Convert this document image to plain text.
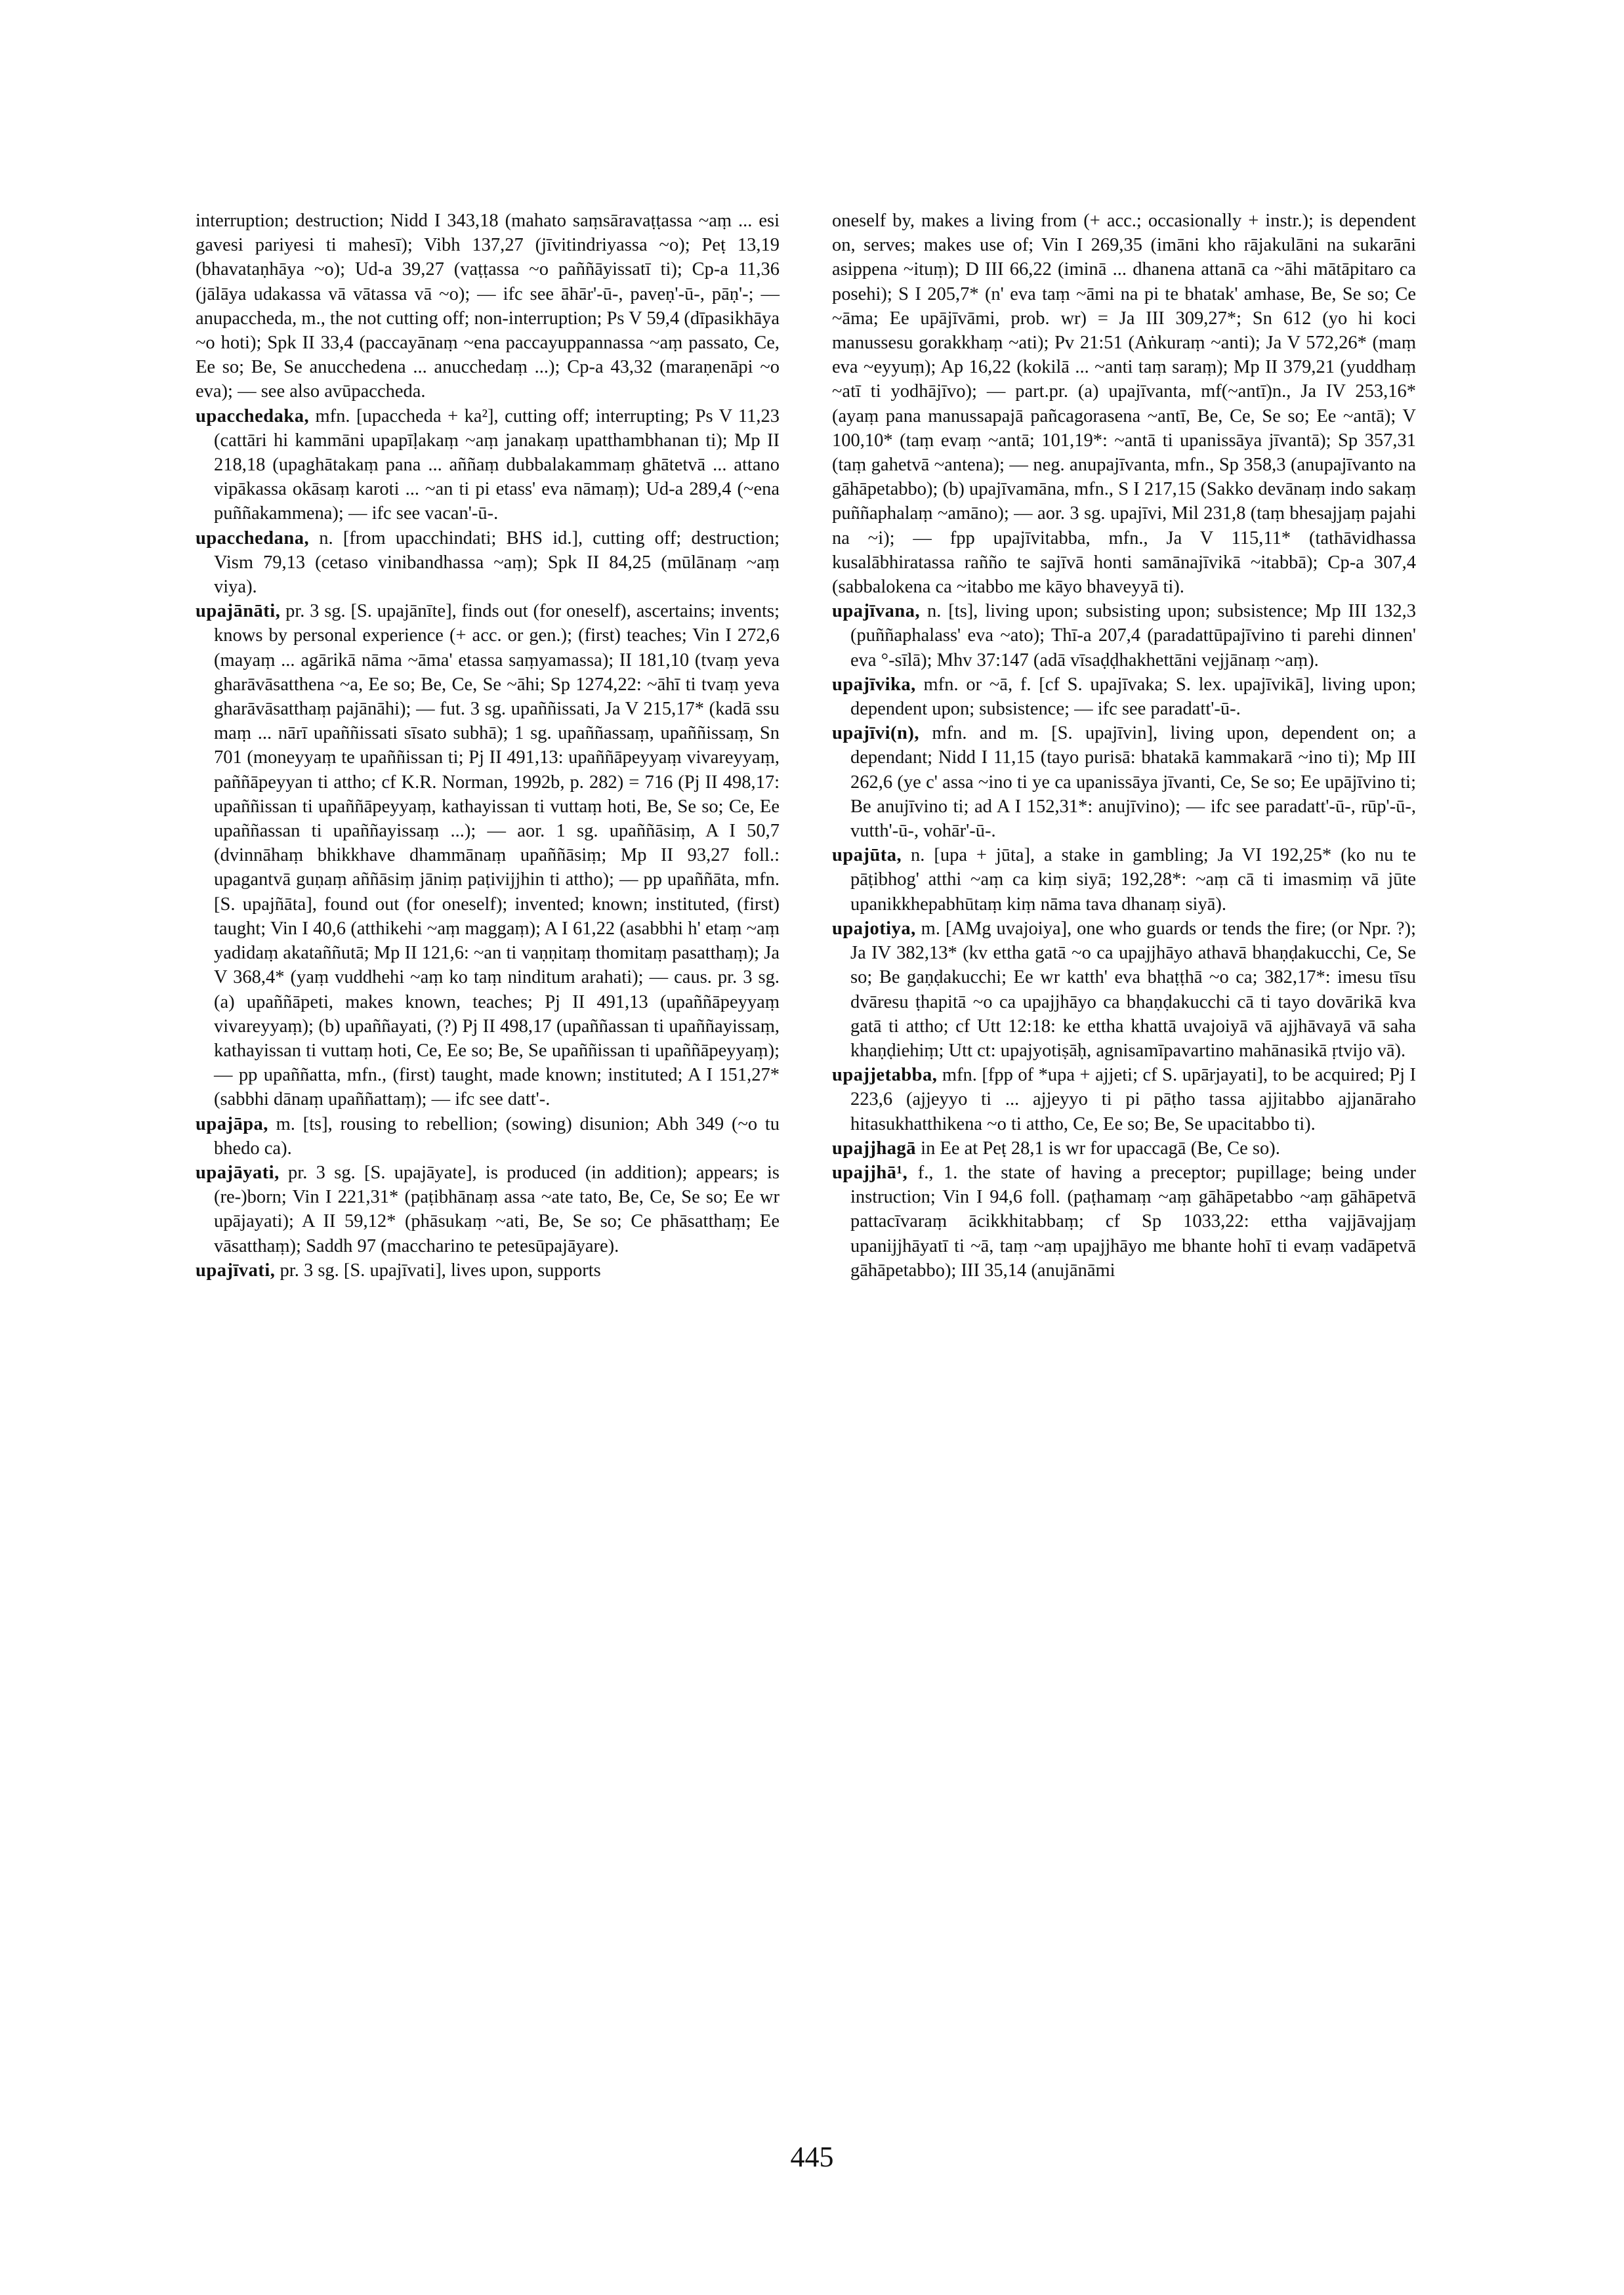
interruption; destruction; Nidd I 343,18 (mahato saṃsāravaṭṭassa ~aṃ ... esi gavesi pariyesi ti mahesī); Vibh 137,27 (jīvitindriyassa ~o); Peṭ 13,19 (bhavataṇhāya ~o); Ud-a 39,27 (vaṭṭassa ~o paññāyissatī ti); Cp-a 11,36 (jālāya udakassa vā vātassa vā ~o); — ifc see āhār'-ū-, paveṇ'-ū-, pāṇ'-; — anupaccheda, m., the not cutting off; non-interruption; Ps V 59,4 (dīpasikhāya ~o hoti); Spk II 33,4 (paccayānaṃ ~ena paccayuppannassa ~aṃ passato, Ce, Ee so; Be, Se anucchedena ... anucchedaṃ ...); Cp-a 43,32 (maraṇenāpi ~o eva); — see also avūpaccheda.

upacchedaka, mfn. [upaccheda + ka²], cutting off; interrupting; Ps V 11,23 (cattāri hi kammāni upapīḷakaṃ ~aṃ janakaṃ upatthambhanan ti); Mp II 218,18 (upaghātakaṃ pana ... aññaṃ dubbalakammaṃ ghātetvā ... attano vipākassa okāsaṃ karoti ... ~an ti pi etass' eva nāmaṃ); Ud-a 289,4 (~ena puññakammena); — ifc see vacan'-ū-.

upacchedana, n. [from upacchindati; BHS id.], cutting off; destruction; Vism 79,13 (cetaso vinibandhassa ~aṃ); Spk II 84,25 (mūlānaṃ ~aṃ viya).

upajānāti, pr. 3 sg. [S. upajānīte], finds out (for oneself), ascertains; invents; knows by personal experience (+ acc. or gen.); (first) teaches; Vin I 272,6 (mayaṃ ... agārikā nāma ~āma' etassa saṃyamassa); II 181,10 (tvaṃ yeva gharāvāsatthena ~a, Ee so; Be, Ce, Se ~āhi; Sp 1274,22: ~āhī ti tvaṃ yeva gharāvāsatthaṃ pajānāhi); — fut. 3 sg. upaññissati, Ja V 215,17* (kadā ssu maṃ ... nārī upaññissati sīsato subhā); 1 sg. upaññassaṃ, upaññissaṃ, Sn 701 (moneyyaṃ te upaññissan ti; Pj II 491,13: upaññāpeyyaṃ vivareyyaṃ, paññāpeyyan ti attho; cf K.R. Norman, 1992b, p. 282) = 716 (Pj II 498,17: upaññissan ti upaññāpeyyaṃ, kathayissan ti vuttaṃ hoti, Be, Se so; Ce, Ee upaññassan ti upaññayissaṃ ...); — aor. 1 sg. upaññāsiṃ, A I 50,7 (dvinnāhaṃ bhikkhave dhammānaṃ upaññāsiṃ; Mp II 93,27 foll.: upagantvā guṇaṃ aññāsiṃ jāniṃ paṭivijjhin ti attho); — pp upaññāta, mfn. [S. upajñāta], found out (for oneself); invented; known; instituted, (first) taught; Vin I 40,6 (atthikehi ~aṃ maggaṃ); A I 61,22 (asabbhi h' etaṃ ~aṃ yadidaṃ akataññutā; Mp II 121,6: ~an ti vaṇṇitaṃ thomitaṃ pasatthaṃ); Ja V 368,4* (yaṃ vuddhehi ~aṃ ko taṃ ninditum arahati); — caus. pr. 3 sg. (a) upaññāpeti, makes known, teaches; Pj II 491,13 (upaññāpeyyaṃ vivareyyaṃ); (b) upaññayati, (?) Pj II 498,17 (upaññassan ti upaññayissaṃ, kathayissan ti vuttaṃ hoti, Ce, Ee so; Be, Se upaññissan ti upaññāpeyyaṃ); — pp upaññatta, mfn., (first) taught, made known; instituted; A I 151,27* (sabbhi dānaṃ upaññattaṃ); — ifc see datt'-.

upajāpa, m. [ts], rousing to rebellion; (sowing) disunion; Abh 349 (~o tu bhedo ca).

upajāyati, pr. 3 sg. [S. upajāyate], is produced (in addition); appears; is (re-)born; Vin I 221,31* (paṭibhānaṃ assa ~ate tato, Be, Ce, Se so; Ee wr upājayati); A II 59,12* (phāsukaṃ ~ati, Be, Se so; Ce phāsatthaṃ; Ee vāsatthaṃ); Saddh 97 (maccharino te petesūpajāyare).

upajīvati, pr. 3 sg. [S. upajīvati], lives upon, supports

oneself by, makes a living from (+ acc.; occasionally + instr.); is dependent on, serves; makes use of; Vin I 269,35 (imāni kho rājakulāni na sukarāni asippena ~ituṃ); D III 66,22 (iminā ... dhanena attanā ca ~āhi mātāpitaro ca posehi); S I 205,7* (n' eva taṃ ~āmi na pi te bhatak' amhase, Be, Se so; Ce ~āma; Ee upājīvāmi, prob. wr) = Ja III 309,27*; Sn 612 (yo hi koci manussesu gorakkhaṃ ~ati); Pv 21:51 (Aṅkuraṃ ~anti); Ja V 572,26* (maṃ eva ~eyyuṃ); Ap 16,22 (kokilā ... ~anti taṃ saraṃ); Mp II 379,21 (yuddhaṃ ~atī ti yodhājīvo); — part.pr. (a) upajīvanta, mf(~antī)n., Ja IV 253,16* (ayaṃ pana manussapajā pañcagorasena ~antī, Be, Ce, Se so; Ee ~antā); V 100,10* (taṃ evaṃ ~antā; 101,19*: ~antā ti upanissāya jīvantā); Sp 357,31 (taṃ gahetvā ~antena); — neg. anupajīvanta, mfn., Sp 358,3 (anupajīvanto na gāhāpetabbo); (b) upajīvamāna, mfn., S I 217,15 (Sakko devānaṃ indo sakaṃ puññaphalaṃ ~amāno); — aor. 3 sg. upajīvi, Mil 231,8 (taṃ bhesajjaṃ pajahi na ~i); — fpp upajīvitabba, mfn., Ja V 115,11* (tathāvidhassa kusalābhiratassa rañño te sajīvā honti samānajīvikā ~itabbā); Cp-a 307,4 (sabbalokena ca ~itabbo me kāyo bhaveyyā ti).

upajīvana, n. [ts], living upon; subsisting upon; subsistence; Mp III 132,3 (puññaphalass' eva ~ato); Thī-a 207,4 (paradattūpajīvino ti parehi dinnen' eva °-sīlā); Mhv 37:147 (adā vīsaḍḍhakhettāni vejjānaṃ ~aṃ).

upajīvika, mfn. or ~ā, f. [cf S. upajīvaka; S. lex. upajīvikā], living upon; dependent upon; subsistence; — ifc see paradatt'-ū-.

upajīvi(n), mfn. and m. [S. upajīvin], living upon, dependent on; a dependant; Nidd I 11,15 (tayo purisā: bhatakā kammakarā ~ino ti); Mp III 262,6 (ye c' assa ~ino ti ye ca upanissāya jīvanti, Ce, Se so; Ee upājīvino ti; Be anujīvino ti; ad A I 152,31*: anujīvino); — ifc see paradatt'-ū-, rūp'-ū-, vutth'-ū-, vohār'-ū-.

upajūta, n. [upa + jūta], a stake in gambling; Ja VI 192,25* (ko nu te pāṭibhog' atthi ~aṃ ca kiṃ siyā; 192,28*: ~aṃ cā ti imasmiṃ vā jūte upanikkhepabhūtaṃ kiṃ nāma tava dhanaṃ siyā).

upajotiya, m. [AMg uvajoiya], one who guards or tends the fire; (or Npr. ?); Ja IV 382,13* (kv ettha gatā ~o ca upajjhāyo athavā bhaṇḍakucchi, Ce, Se so; Be gaṇḍakucchi; Ee wr katth' eva bhaṭṭhā ~o ca; 382,17*: imesu tīsu dvāresu ṭhapitā ~o ca upajjhāyo ca bhaṇḍakucchi cā ti tayo dovārikā kva gatā ti attho; cf Utt 12:18: ke ettha khattā uvajoiyā vā ajjhāvayā vā saha khaṇḍiehiṃ; Utt ct: upajyotiṣāḥ, agnisamīpavartino mahānasikā ṛtvijo vā).

upajjetabba, mfn. [fpp of *upa + ajjeti; cf S. upārjayati], to be acquired; Pj I 223,6 (ajjeyyo ti ... ajjeyyo ti pi pāṭho tassa ajjitabbo ajjanāraho hitasukhatthikena ~o ti attho, Ce, Ee so; Be, Se upacitabbo ti).

upajjhagā in Ee at Peṭ 28,1 is wr for upaccagā (Be, Ce so).

upajjhā¹, f., 1. the state of having a preceptor; pupillage; being under instruction; Vin I 94,6 foll. (paṭhamaṃ ~aṃ gāhāpetabbo ~aṃ gāhāpetvā pattacīvaraṃ ācikkhitabbaṃ; cf Sp 1033,22: ettha vajjāvajjaṃ upanijjhāyatī ti ~ā, taṃ ~aṃ upajjhāyo me bhante hohī ti evaṃ vadāpetvā gāhāpetabbo); III 35,14 (anujānāmi

445
